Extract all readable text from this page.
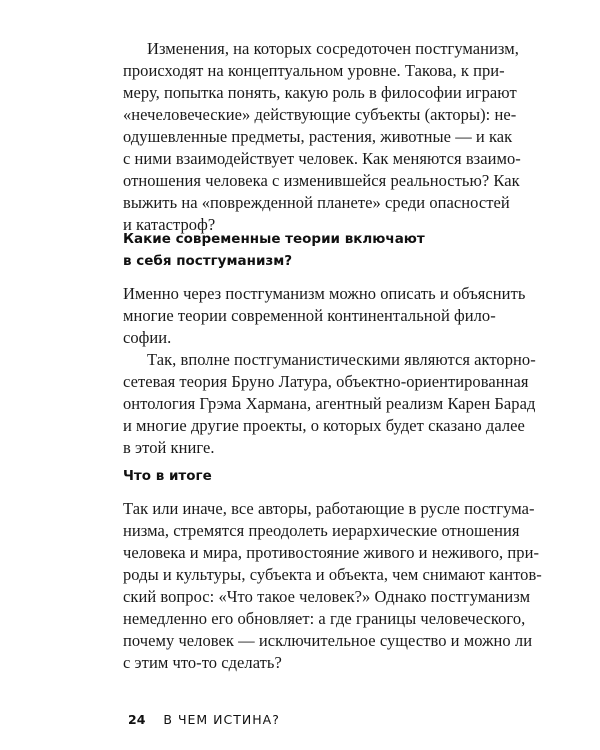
Изменения, на которых сосредоточен постгуманизм,
происходят на концептуальном уровне. Такова, к при-
меру, попытка понять, какую роль в философии играют
«нечеловеческие» действующие субъекты (акторы): не-
одушевленные предметы, растения, животные — и как
с ними взаимодействует человек. Как меняются взаимо-
отношения человека с изменившейся реальностью? Как
выжить на «поврежденной планете» среди опасностей
и катастроф?
Какие современные теории включают
в себя постгуманизм?
Именно через постгуманизм можно описать и объяснить
многие теории современной континентальной фило-
софии.
Так, вполне постгуманистическими являются акторно-
сетевая теория Бруно Латура, объектно-ориентированная
онтология Грэма Хармана, агентный реализм Карен Барад
и многие другие проекты, о которых будет сказано далее
в этой книге.
Что в итоге
Так или иначе, все авторы, работающие в русле постгума-
низма, стремятся преодолеть иерархические отношения
человека и мира, противостояние живого и неживого, при-
роды и культуры, субъекта и объекта, чем снимают кантов-
ский вопрос: «Что такое человек?» Однако постгуманизм
немедленно его обновляет: а где границы человеческого,
почему человек — исключительное существо и можно ли
с этим что-то сделать?
24 В ЧЕМ ИСТИНА?
